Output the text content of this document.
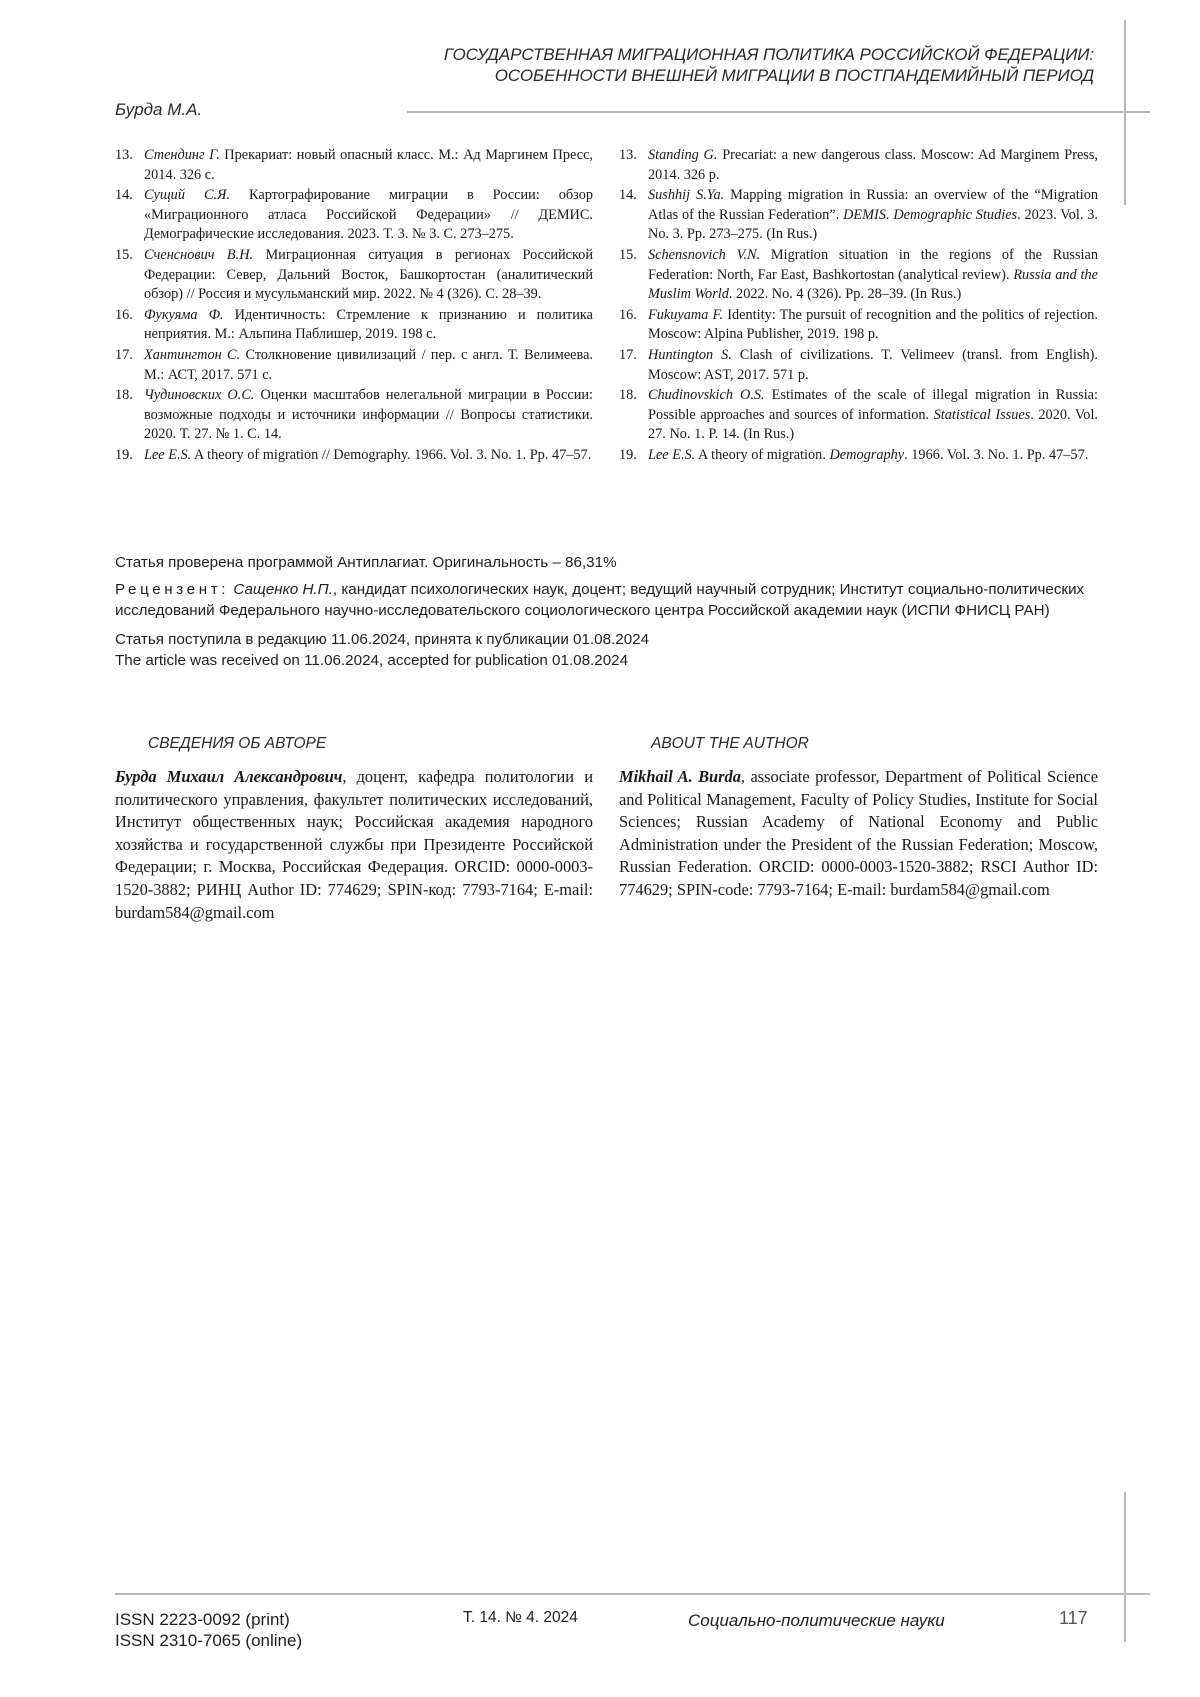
ГОСУДАРСТВЕННАЯ МИГРАЦИОННАЯ ПОЛИТИКА РОССИЙСКОЙ ФЕДЕРАЦИИ:
ОСОБЕННОСТИ ВНЕШНЕЙ МИГРАЦИИ В ПОСТПАНДЕМИЙНЫЙ ПЕРИОД
Бурда М.А.
13. Стендинг Г. Прекариат: новый опасный класс. М.: Ад Маргинем Пресс, 2014. 326 с.
14. Сущий С.Я. Картографирование миграции в России: обзор «Миграционного атласа Российской Федерации» // ДЕМИС. Демографические исследования. 2023. Т. 3. № 3. С. 273–275.
15. Сченснович В.Н. Миграционная ситуация в регионах Российской Федерации: Север, Дальний Восток, Башкортостан (аналитический обзор) // Россия и мусульманский мир. 2022. № 4 (326). С. 28–39.
16. Фукуяма Ф. Идентичность: Стремление к признанию и политика неприятия. М.: Альпина Паблишер, 2019. 198 с.
17. Хантингтон С. Столкновение цивилизаций / пер. с англ. Т. Велимеева. М.: АСТ, 2017. 571 с.
18. Чудиновских О.С. Оценки масштабов нелегальной миграции в России: возможные подходы и источники информации // Вопросы статистики. 2020. Т. 27. № 1. С. 14.
19. Lee E.S. A theory of migration // Demography. 1966. Vol. 3. No. 1. Pp. 47–57.
13. Standing G. Precariat: a new dangerous class. Moscow: Ad Marginem Press, 2014. 326 p.
14. Sushhij S.Ya. Mapping migration in Russia: an overview of the “Migration Atlas of the Russian Federation”. DEMIS. Demographic Studies. 2023. Vol. 3. No. 3. Pp. 273–275. (In Rus.)
15. Schensnovich V.N. Migration situation in the regions of the Russian Federation: North, Far East, Bashkortostan (analytical review). Russia and the Muslim World. 2022. No. 4 (326). Pp. 28–39. (In Rus.)
16. Fukuyama F. Identity: The pursuit of recognition and the politics of rejection. Moscow: Alpina Publisher, 2019. 198 p.
17. Huntington S. Clash of civilizations. T. Velimeev (transl. from English). Moscow: AST, 2017. 571 p.
18. Chudinovskich O.S. Estimates of the scale of illegal migration in Russia: Possible approaches and sources of information. Statistical Issues. 2020. Vol. 27. No. 1. P. 14. (In Rus.)
19. Lee E.S. A theory of migration. Demography. 1966. Vol. 3. No. 1. Pp. 47–57.

Статья проверена программой Антиплагиат. Оригинальность – 86,31%

Рецензент: Сащенко Н.П., кандидат психологических наук, доцент; ведущий научный сотрудник; Институт социально-политических исследований Федерального научно-исследовательского социологического центра Российской академии наук (ИСПИ ФНИСЦ РАН)

Статья поступила в редакцию 11.06.2024, принята к публикации 01.08.2024

The article was received on 11.06.2024, accepted for publication 01.08.2024

СВЕДЕНИЯ ОБ АВТОРЕ	ABOUT THE AUTHOR
Бурда Михаил Александрович, доцент, кафедра политологии и политического управления, факультет политических исследований, Институт общественных наук; Российская академия народного хозяйства и государственной службы при Президенте Российской Федерации; г. Москва, Российская Федерация. ORCID: 0000-0003-1520-3882; РИНЦ Author ID: 774629; SPIN-код: 7793-7164; E-mail: burdam584@gmail.com
Mikhail A. Burda, associate professor, Department of Political Science and Political Management, Faculty of Policy Studies, Institute for Social Sciences; Russian Academy of National Economy and Public Administration under the President of the Russian Federation; Moscow, Russian Federation. ORCID: 0000-0003-1520-3882; RSCI Author ID: 774629; SPIN-code: 7793-7164; E-mail: burdam584@gmail.com
ISSN 2223-0092 (print)
ISSN 2310-7065 (online)
Т. 14. № 4. 2024	Социально-политические науки	117
